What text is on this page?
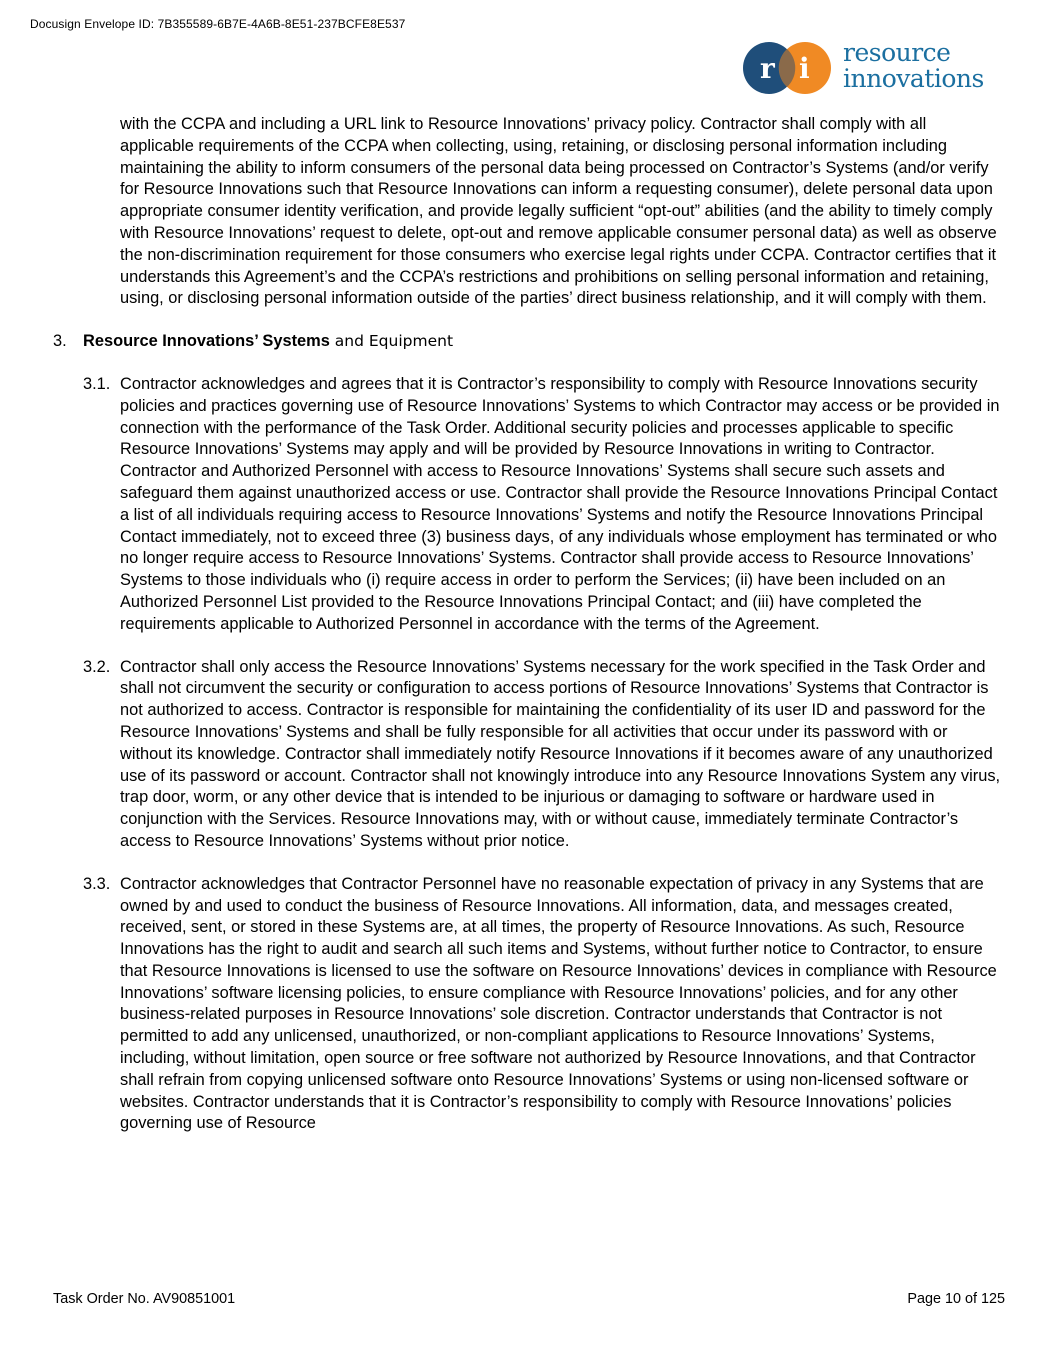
Docusign Envelope ID: 7B355589-6B7E-4A6B-8E51-237BCFE8E537
r i resource
innovations
with the CCPA and including a URL link to Resource Innovations’ privacy policy. Contractor shall comply with all applicable requirements of the CCPA when collecting, using, retaining, or disclosing personal information including maintaining the ability to inform consumers of the personal data being processed on Contractor’s Systems (and/or verify for Resource Innovations such that Resource Innovations can inform a requesting consumer), delete personal data upon appropriate consumer identity verification, and provide legally sufficient “opt-out” abilities (and the ability to timely comply with Resource Innovations’ request to delete, opt-out and remove applicable consumer personal data) as well as observe the non-discrimination requirement for those consumers who exercise legal rights under CCPA. Contractor certifies that it understands this Agreement’s and the CCPA’s restrictions and prohibitions on selling personal information and retaining, using, or disclosing personal information outside of the parties’ direct business relationship, and it will comply with them.
3. Resource Innovations’ Systems and Equipment
3.1. Contractor acknowledges and agrees that it is Contractor’s responsibility to comply with Resource Innovations security policies and practices governing use of Resource Innovations’ Systems to which Contractor may access or be provided in connection with the performance of the Task Order. Additional security policies and processes applicable to specific Resource Innovations’ Systems may apply and will be provided by Resource Innovations in writing to Contractor. Contractor and Authorized Personnel with access to Resource Innovations’ Systems shall secure such assets and safeguard them against unauthorized access or use. Contractor shall provide the Resource Innovations Principal Contact a list of all individuals requiring access to Resource Innovations’ Systems and notify the Resource Innovations Principal Contact immediately, not to exceed three (3) business days, of any individuals whose employment has terminated or who no longer require access to Resource Innovations’ Systems. Contractor shall provide access to Resource Innovations’ Systems to those individuals who (i) require access in order to perform the Services; (ii) have been included on an Authorized Personnel List provided to the Resource Innovations Principal Contact; and (iii) have completed the requirements applicable to Authorized Personnel in accordance with the terms of the Agreement.
3.2. Contractor shall only access the Resource Innovations’ Systems necessary for the work specified in the Task Order and shall not circumvent the security or configuration to access portions of Resource Innovations’ Systems that Contractor is not authorized to access. Contractor is responsible for maintaining the confidentiality of its user ID and password for the Resource Innovations’ Systems and shall be fully responsible for all activities that occur under its password with or without its knowledge. Contractor shall immediately notify Resource Innovations if it becomes aware of any unauthorized use of its password or account. Contractor shall not knowingly introduce into any Resource Innovations System any virus, trap door, worm, or any other device that is intended to be injurious or damaging to software or hardware used in conjunction with the Services. Resource Innovations may, with or without cause, immediately terminate Contractor’s access to Resource Innovations’ Systems without prior notice.
3.3. Contractor acknowledges that Contractor Personnel have no reasonable expectation of privacy in any Systems that are owned by and used to conduct the business of Resource Innovations. All information, data, and messages created, received, sent, or stored in these Systems are, at all times, the property of Resource Innovations. As such, Resource Innovations has the right to audit and search all such items and Systems, without further notice to Contractor, to ensure that Resource Innovations is licensed to use the software on Resource Innovations’ devices in compliance with Resource Innovations’ software licensing policies, to ensure compliance with Resource Innovations’ policies, and for any other business-related purposes in Resource Innovations’ sole discretion. Contractor understands that Contractor is not permitted to add any unlicensed, unauthorized, or non-compliant applications to Resource Innovations’ Systems, including, without limitation, open source or free software not authorized by Resource Innovations, and that Contractor shall refrain from copying unlicensed software onto Resource Innovations’ Systems or using non-licensed software or websites. Contractor understands that it is Contractor’s responsibility to comply with Resource Innovations’ policies governing use of Resource
Task Order No. AV90851001	Page 10 of 125
